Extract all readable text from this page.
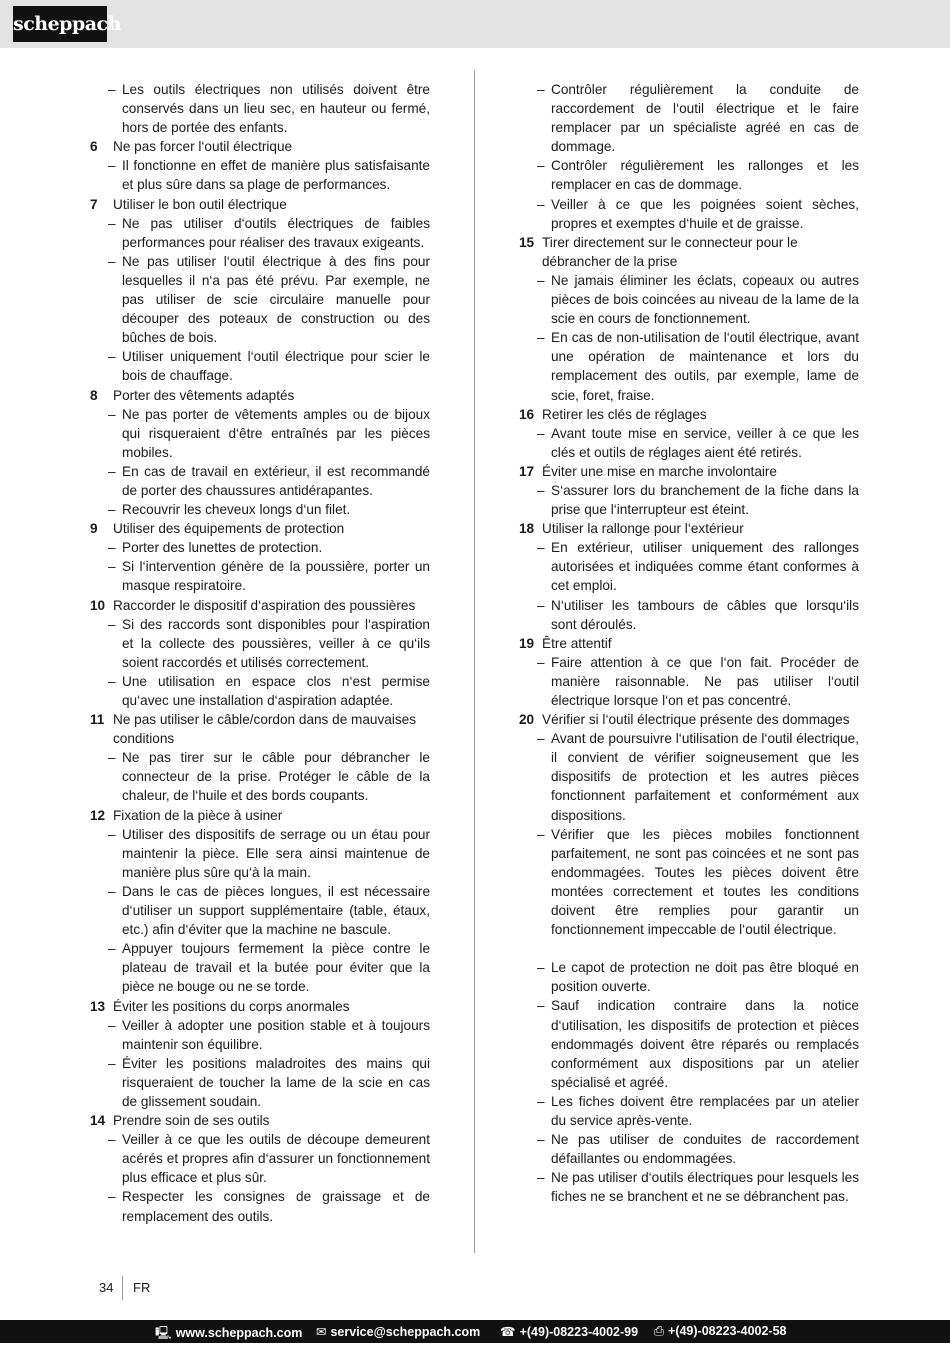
scheppach
– Les outils électriques non utilisés doivent être conservés dans un lieu sec, en hauteur ou fermé, hors de portée des enfants.
6 Ne pas forcer l‘outil électrique
– Il fonctionne en effet de manière plus satisfaisante et plus sûre dans sa plage de performances.
7 Utiliser le bon outil électrique
– Ne pas utiliser d‘outils électriques de faibles performances pour réaliser des travaux exigeants.
– Ne pas utiliser l‘outil électrique à des fins pour lesquelles il n‘a pas été prévu. Par exemple, ne pas utiliser de scie circulaire manuelle pour découper des poteaux de construction ou des bûches de bois.
– Utiliser uniquement l‘outil électrique pour scier le bois de chauffage.
8 Porter des vêtements adaptés
– Ne pas porter de vêtements amples ou de bijoux qui risqueraient d‘être entraînés par les pièces mobiles.
– En cas de travail en extérieur, il est recommandé de porter des chaussures antidérapantes.
– Recouvrir les cheveux longs d‘un filet.
9 Utiliser des équipements de protection
– Porter des lunettes de protection.
– Si l‘intervention génère de la poussière, porter un masque respiratoire.
10 Raccorder le dispositif d‘aspiration des poussières
– Si des raccords sont disponibles pour l‘aspiration et la collecte des poussières, veiller à ce qu‘ils soient raccordés et utilisés correctement.
– Une utilisation en espace clos n‘est permise qu‘avec une installation d‘aspiration adaptée.
11 Ne pas utiliser le câble/cordon dans de mauvaises conditions
– Ne pas tirer sur le câble pour débrancher le connecteur de la prise. Protéger le câble de la chaleur, de l‘huile et des bords coupants.
12 Fixation de la pièce à usiner
– Utiliser des dispositifs de serrage ou un étau pour maintenir la pièce. Elle sera ainsi maintenue de manière plus sûre qu‘à la main.
– Dans le cas de pièces longues, il est nécessaire d‘utiliser un support supplémentaire (table, étaux, etc.) afin d‘éviter que la machine ne bascule.
– Appuyer toujours fermement la pièce contre le plateau de travail et la butée pour éviter que la pièce ne bouge ou ne se torde.
13 Éviter les positions du corps anormales
– Veiller à adopter une position stable et à toujours maintenir son équilibre.
– Éviter les positions maladroites des mains qui risqueraient de toucher la lame de la scie en cas de glissement soudain.
14 Prendre soin de ses outils
– Veiller à ce que les outils de découpe demeurent acérés et propres afin d‘assurer un fonctionnement plus efficace et plus sûr.
– Respecter les consignes de graissage et de remplacement des outils.
– Contrôler régulièrement la conduite de raccordement de l‘outil électrique et le faire remplacer par un spécialiste agréé en cas de dommage.
– Contrôler régulièrement les rallonges et les remplacer en cas de dommage.
– Veiller à ce que les poignées soient sèches, propres et exemptes d‘huile et de graisse.
15 Tirer directement sur le connecteur pour le débrancher de la prise
– Ne jamais éliminer les éclats, copeaux ou autres pièces de bois coincées au niveau de la lame de la scie en cours de fonctionnement.
– En cas de non-utilisation de l‘outil électrique, avant une opération de maintenance et lors du remplacement des outils, par exemple, lame de scie, foret, fraise.
16 Retirer les clés de réglages
– Avant toute mise en service, veiller à ce que les clés et outils de réglages aient été retirés.
17 Éviter une mise en marche involontaire
– S‘assurer lors du branchement de la fiche dans la prise que l‘interrupteur est éteint.
18 Utiliser la rallonge pour l‘extérieur
– En extérieur, utiliser uniquement des rallonges autorisées et indiquées comme étant conformes à cet emploi.
– N‘utiliser les tambours de câbles que lorsqu‘ils sont déroulés.
19 Être attentif
– Faire attention à ce que l‘on fait. Procéder de manière raisonnable. Ne pas utiliser l‘outil électrique lorsque l‘on et pas concentré.
20 Vérifier si l‘outil électrique présente des dommages
– Avant de poursuivre l‘utilisation de l‘outil électrique, il convient de vérifier soigneusement que les dispositifs de protection et les autres pièces fonctionnent parfaitement et conformément aux dispositions.
– Vérifier que les pièces mobiles fonctionnent parfaitement, ne sont pas coincées et ne sont pas endommagées. Toutes les pièces doivent être montées correctement et toutes les conditions doivent être remplies pour garantir un fonctionnement impeccable de l‘outil électrique.
– Le capot de protection ne doit pas être bloqué en position ouverte.
– Sauf indication contraire dans la notice d‘utilisation, les dispositifs de protection et pièces endommagés doivent être réparés ou remplacés conformément aux dispositions par un atelier spécialisé et agréé.
– Les fiches doivent être remplacées par un atelier du service après-vente.
– Ne pas utiliser de conduites de raccordement défaillantes ou endommagées.
– Ne pas utiliser d‘outils électriques pour lesquels les fiches ne se branchent et ne se débranchent pas.
34 FR
🖳 www.scheppach.com ✉ service@scheppach.com ☎ +(49)-08223-4002-99 ⎙ +(49)-08223-4002-58
